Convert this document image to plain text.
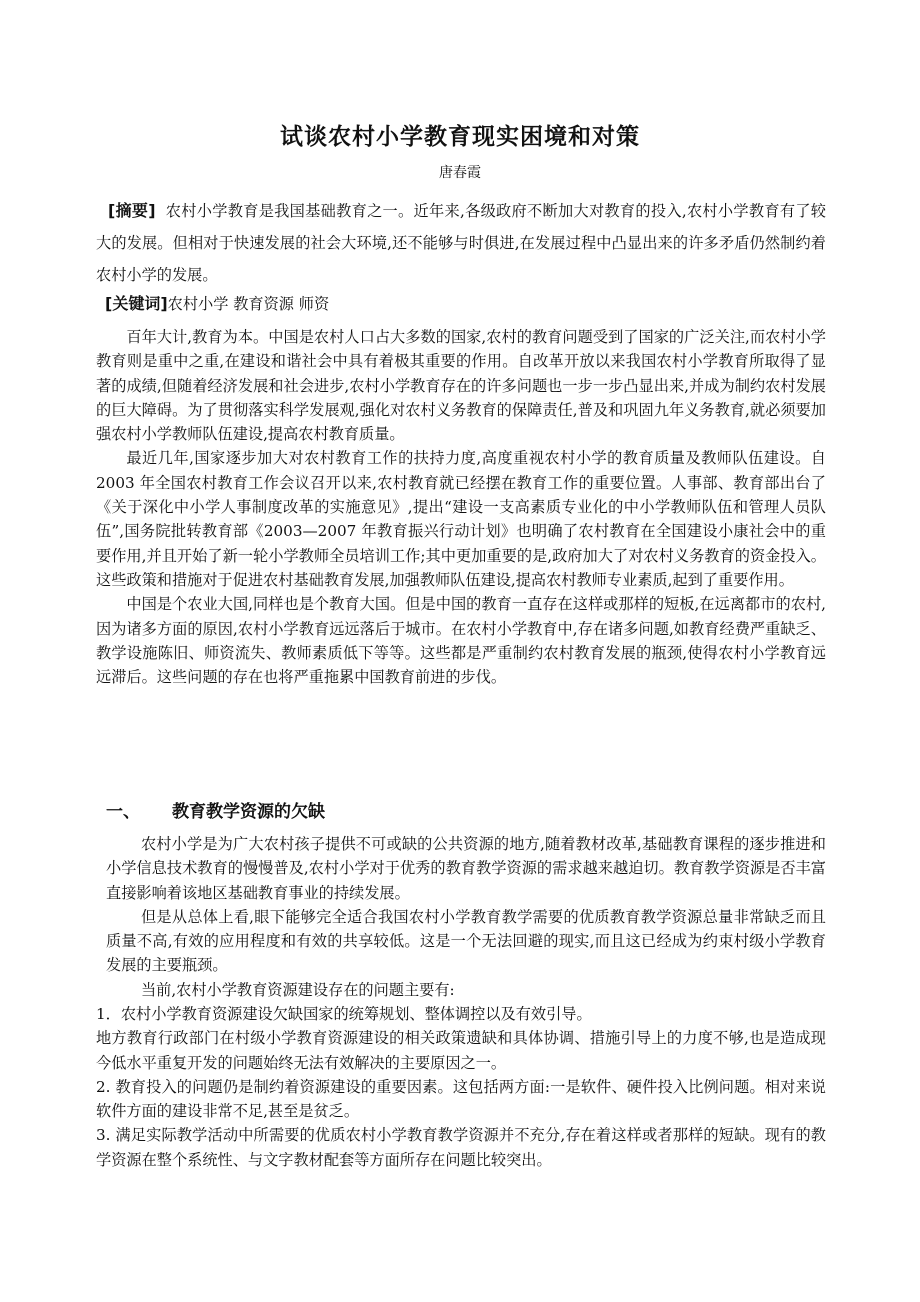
试谈农村小学教育现实困境和对策
唐春霞
[摘要] 农村小学教育是我国基础教育之一。近年来,各级政府不断加大对教育的投入,农村小学教育有了较大的发展。但相对于快速发展的社会大环境,还不能够与时俱进,在发展过程中凸显出来的许多矛盾仍然制约着农村小学的发展。
[关键词]农村小学 教育资源 师资

百年大计,教育为本。中国是农村人口占大多数的国家,农村的教育问题受到了国家的广泛关注,而农村小学教育则是重中之重,在建设和谐社会中具有着极其重要的作用。自改革开放以来我国农村小学教育所取得了显著的成绩,但随着经济发展和社会进步,农村小学教育存在的许多问题也一步一步凸显出来,并成为制约农村发展的巨大障碍。为了贯彻落实科学发展观,强化对农村义务教育的保障责任,普及和巩固九年义务教育,就必须要加强农村小学教师队伍建设,提高农村教育质量。

最近几年,国家逐步加大对农村教育工作的扶持力度,高度重视农村小学的教育质量及教师队伍建设。自 2003 年全国农村教育工作会议召开以来,农村教育就已经摆在教育工作的重要位置。人事部、教育部出台了《关于深化中小学人事制度改革的实施意见》,提出“建设一支高素质专业化的中小学教师队伍和管理人员队伍”,国务院批转教育部《2003—2007 年教育振兴行动计划》也明确了农村教育在全国建设小康社会中的重要作用,并且开始了新一轮小学教师全员培训工作;其中更加重要的是,政府加大了对农村义务教育的资金投入。这些政策和措施对于促进农村基础教育发展,加强教师队伍建设,提高农村教师专业素质,起到了重要作用。

中国是个农业大国,同样也是个教育大国。但是中国的教育一直存在这样或那样的短板,在远离都市的农村,因为诸多方面的原因,农村小学教育远远落后于城市。在农村小学教育中,存在诸多问题,如教育经费严重缺乏、教学设施陈旧、师资流失、教师素质低下等等。这些都是严重制约农村教育发展的瓶颈,使得农村小学教育远远滞后。这些问题的存在也将严重拖累中国教育前进的步伐。

一、 教育教学资源的欠缺

农村小学是为广大农村孩子提供不可或缺的公共资源的地方,随着教材改革,基础教育课程的逐步推进和小学信息技术教育的慢慢普及,农村小学对于优秀的教育教学资源的需求越来越迫切。教育教学资源是否丰富直接影响着该地区基础教育事业的持续发展。

但是从总体上看,眼下能够完全适合我国农村小学教育教学需要的优质教育教学资源总量非常缺乏而且质量不高,有效的应用程度和有效的共享较低。这是一个无法回避的现实,而且这已经成为约束村级小学教育发展的主要瓶颈。

当前,农村小学教育资源建设存在的问题主要有:

1．农村小学教育资源建设欠缺国家的统筹规划、整体调控以及有效引导。

地方教育行政部门在村级小学教育资源建设的相关政策遗缺和具体协调、措施引导上的力度不够,也是造成现今低水平重复开发的问题始终无法有效解决的主要原因之一。

2. 教育投入的问题仍是制约着资源建设的重要因素。这包括两方面:一是软件、硬件投入比例问题。相对来说软件方面的建设非常不足,甚至是贫乏。

3. 满足实际教学活动中所需要的优质农村小学教育教学资源并不充分,存在着这样或者那样的短缺。现有的教学资源在整个系统性、与文字教材配套等方面所存在问题比较突出。
